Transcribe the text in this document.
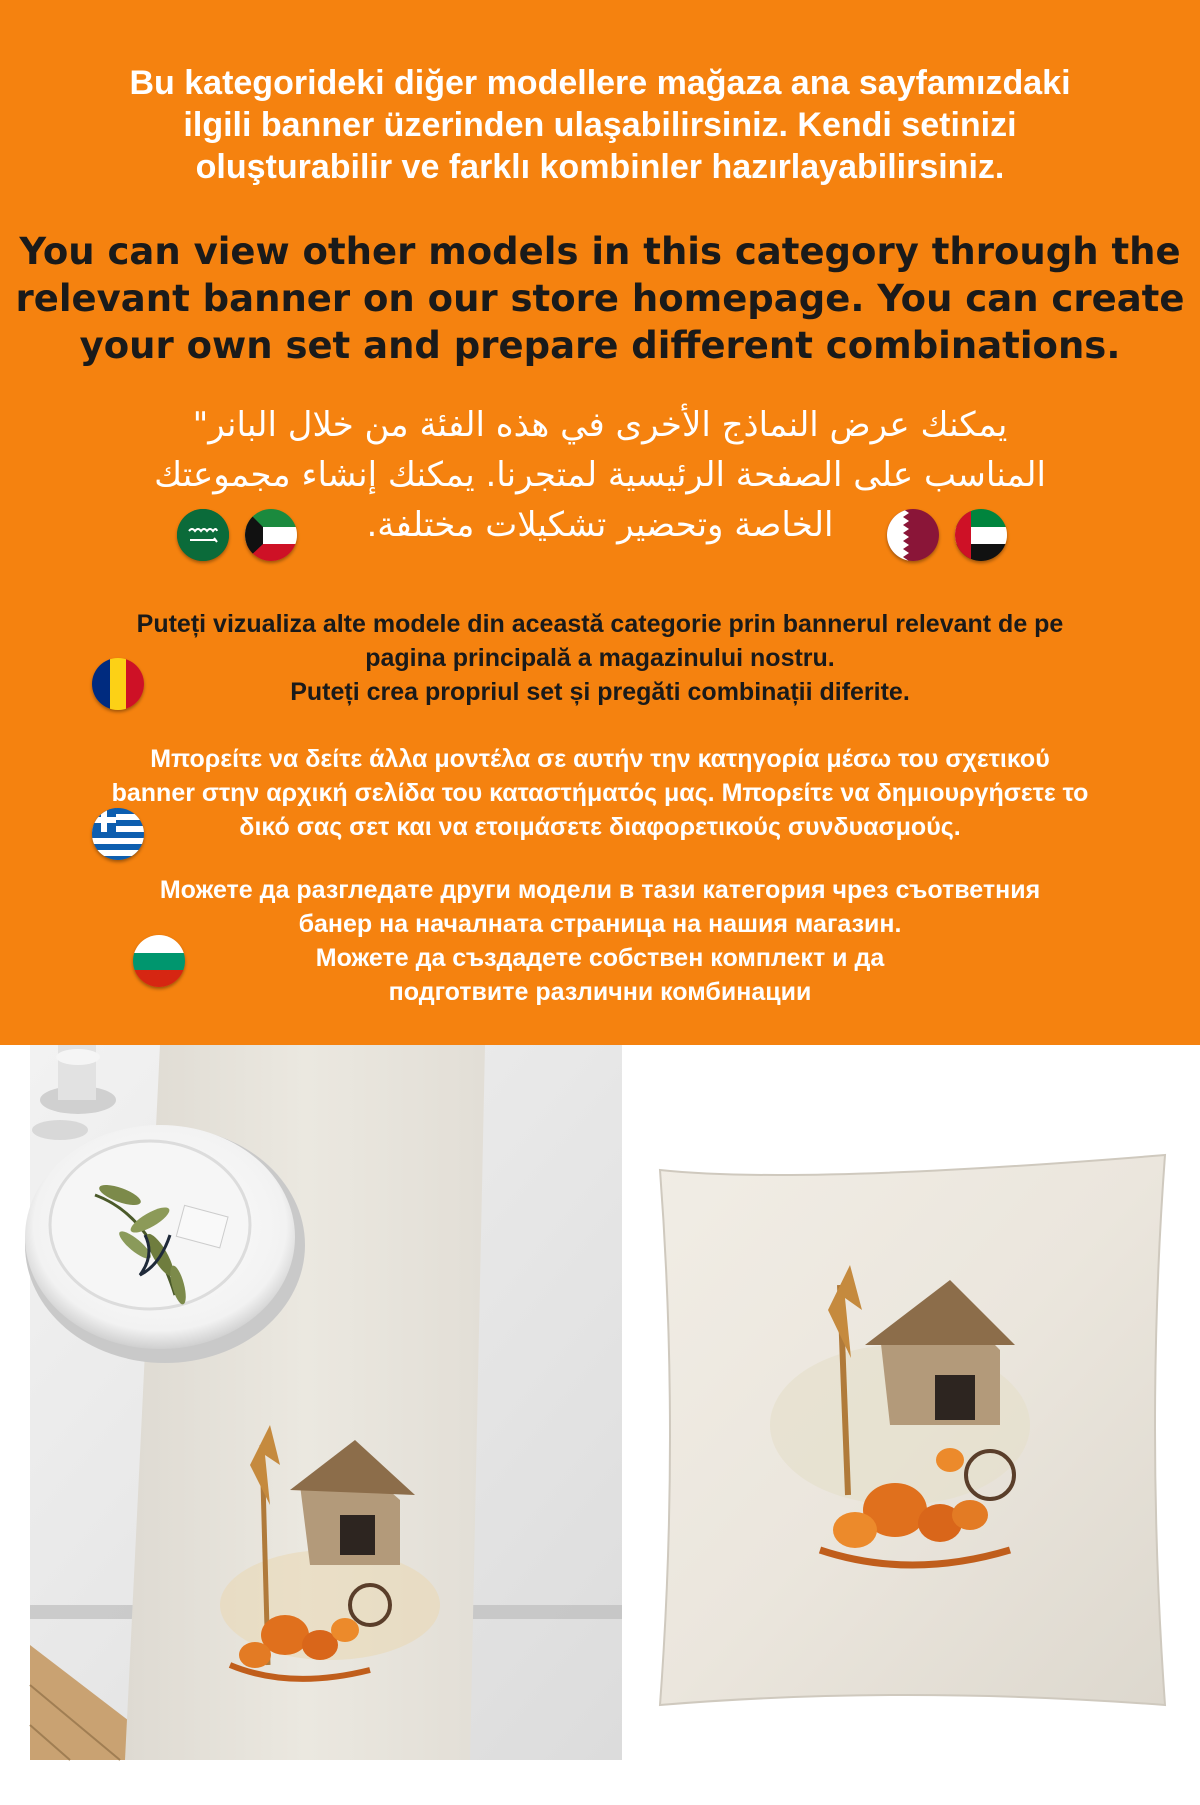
Bu kategorideki diğer modellere mağaza ana sayfamızdaki
ilgili banner üzerinden ulaşabilirsiniz. Kendi setinizi
oluşturabilir ve farklı kombinler hazırlayabilirsiniz.
You can view other models in this category through the
relevant banner on our store homepage. You can create
your own set and prepare different combinations.
يمكنك عرض النماذج الأخرى في هذه الفئة من خلال البانر"
المناسب على الصفحة الرئيسية لمتجرنا. يمكنك إنشاء مجموعتك
الخاصة وتحضير تشكيلات مختلفة.
Puteți vizualiza alte modele din această categorie prin bannerul relevant de pe
pagina principală a magazinului nostru.
Puteți crea propriul set și pregăti combinații diferite.
Μπορείτε να δείτε άλλα μοντέλα σε αυτήν την κατηγορία μέσω του σχετικού
banner στην αρχική σελίδα του καταστήματός μας. Μπορείτε να δημιουργήσετε το
δικό σας σετ και να ετοιμάσετε διαφορετικούς συνδυασμούς.
Можете да разгледате други модели в тази категория чрез съответния
банер на началната страница на нашия магазин.
Можете да създадете собствен комплект и да
подготвите различни комбинации
